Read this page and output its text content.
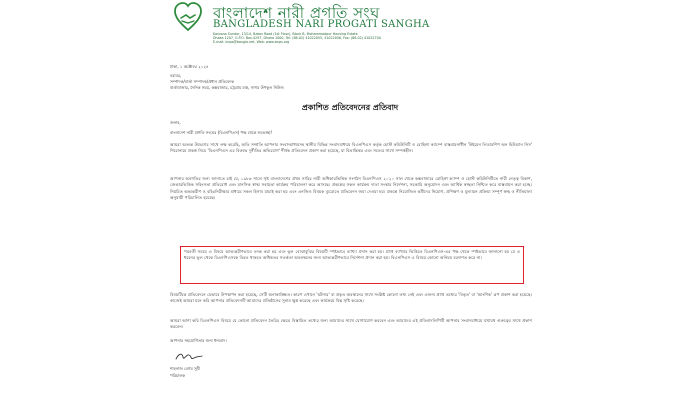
বাংলাদেশ নারী প্রগতি সংঘ
BANGLADESH NARI PROGATI SANGHA
Karpona Sundor, 13/14, Babor Road (1st Floor), Block B, Mohammadpur Housing Estate
Dhaka 1207, G.P.O. Box-4297, Dhaka 1000, Tel: (88-02) 41022055, 41022056, Fax: (88-02) 41022700
E-mail: bnps@bangla.net, Web: www.bnps.org
ঢাকা, ১ অক্টোবর ২০২৪
বরাবর,
সম্পাদক/বার্তা সম্পাদক/প্রধান প্রতিবেদক
বার্তাবাজার, দৈনিক সময়, কক্সবাজার, চট্টগ্রাম মঞ্চ, সাগর উপকূল নিউজ
প্রকাশিত প্রতিবেদনের প্রতিবাদ
জনাব,
বাংলাদেশ নারী প্রগতি সংঘের (বিএনপিএস) পক্ষ থেকে শুভেচ্ছা!
আমরা অত্যন্ত উদ্বেগের সাথে লক্ষ করেছি, অতি সম্প্রতি আপনার সংবাদমাধ্যমসহ স্থানীয় বিভিন্ন সংবাদমাধ্যমে বিএনপিএস কর্তৃক হোস্ট কমিউনিটি ও রোহিঙ্গা ক্যাম্পে বাস্তবায়নাধীন 'উইমেন লিডারশিপ অন হিউম্যান নিস' শিরোনামে প্রকল্প নিয়ে 'বিএনপিএস এর বিরুদ্ধে দুর্নীতির অভিযোগ' শীর্ষক প্রতিবেদন প্রকাশ করা হয়েছে, যা বিভ্রান্তিকর এবং সত্যের সাথে সম্পর্কহীন।
আপনার অবগতির জন্য জানাতে চাই যে, ১৯৮৬ সালে সৃষ্ট বাংলাদেশের প্রথম সারির নারী অধিকারভিত্তিক সংগঠন বিএনপিএস ২০২০ সাল থেকে কক্সবাজারে রোহিঙ্গা ক্যাম্প ও হোস্ট কমিউনিটিতে নারী নেতৃত্ব বিকাশ, জেন্ডারভিত্তিক সহিংসতা প্রতিরোধ এবং মানসিক স্বাস্থ্য সহায়তা কার্যক্রম পরিচালনা করে আসছে। প্রকল্পের সকল কার্যক্রম দাতা সংস্থার নির্দেশনা, সরকারি অনুমোদন এবং আর্থিক স্বচ্ছতা নিশ্চিত করে বাস্তবায়ন করা হচ্ছে। নিয়মিত অভ্যন্তরীণ ও বহিঃনিরীক্ষার মাধ্যমে সকল হিসাব যাচাই করা হয় এবং এনজিও বিষয়ক ব্যুরোতে প্রতিবেদন জমা দেওয়া হয়। প্রকল্পে নিয়োজিত কর্মীদের নিয়োগ, প্রশিক্ষণ ও মূল্যায়ন প্রক্রিয়া সম্পূর্ণ স্বচ্ছ ও নীতিমালা অনুযায়ী পরিচালিত হয়েছে।
পরবর্তী সময়ে এ বিষয়ে আভ্যন্তরীণভাবে তদন্ত করা হয় এবং ভুল বোঝাবুঝির বিষয়টি স্পষ্টভাবে ব্যাখ্যা প্রদান করা হয়। প্রাপ্ত ব্যাখ্যার ভিত্তিতে বিএনপিএস-এর পক্ষ থেকে স্পষ্টভাবে জানানো হয় যে এ ধরনের ভুল থেকে বিএনপিএসকে বিরত থাকতে অধিকতর সতর্কতা অবলম্বনের জন্য আভ্যন্তরীণভাবে নির্দেশনা প্রদান করা হয়। বিএনপিএস এ বিষয়ে কোনো অনিয়ম বরদাশত করে না।
বিষয়টিকে প্রতিবেদনে যেভাবে উপস্থাপন করা হয়েছে, সেটি অনাকাঙ্ক্ষিত। কারণ এখানে 'ঘটনার' বা প্রকৃত অবস্থানের সাথে সংশ্লিষ্ট কোনো তথ্য নেই এবং এজন্য প্রাপ্ত তথ্যের 'বিকৃত' বা 'আংশিক' রূপ প্রকাশ করা হয়েছে। কাজেই আমরা মনে করি আপনার প্রতিবেদনটি আমাদের প্রতিষ্ঠানের সুনাম ক্ষুণ্ণ করেছে এবং কার্যক্রমে বিঘ্ন সৃষ্টি করেছে।
আমরা আশা করি বিএনপিএস বিষয়ে যে কোনো প্রতিবেদন তৈরির ক্ষেত্রে বিস্তারিত তথ্যের জন্য আমাদের সাথে যোগাযোগ করবেন এবং আমাদের এই প্রতিবাদলিপিটি আপনার সংবাদমাধ্যমে যথাযথ গুরুত্বের সাথে প্রকাশ করবেন।
আপনার সহযোগিতার জন্য ধন্যবাদ।
শাহনাজ বেগম সুমী
পরিচালক
